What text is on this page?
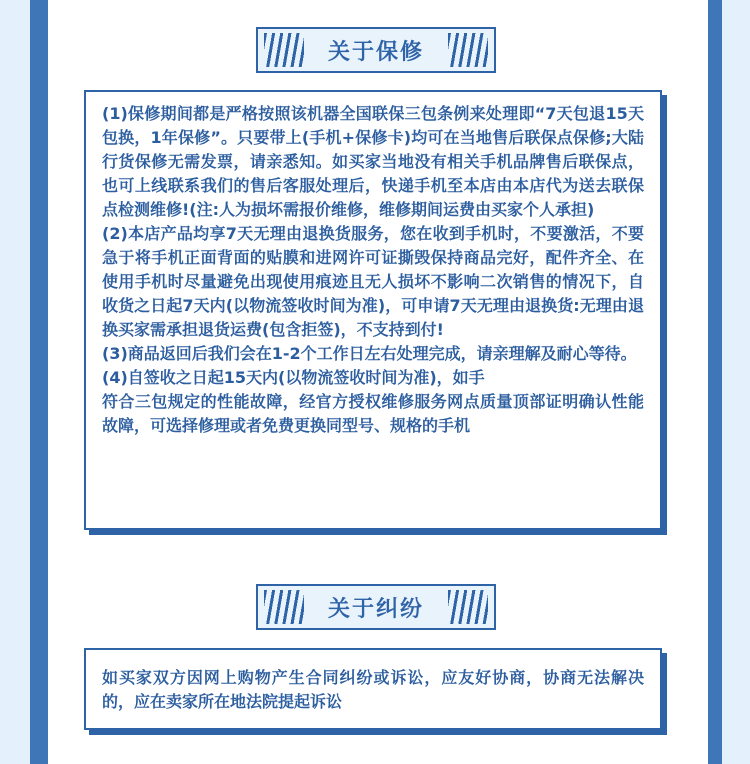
关于保修

(1)保修期间都是严格按照该机器全国联保三包条例来处理即“7天包退15天包换，1年保修”。只要带上(手机+保修卡)均可在当地售后联保点保修;大陆行货保修无需发票，请亲悉知。如买家当地没有相关手机品牌售后联保点，也可上线联系我们的售后客服处理后，快递手机至本店由本店代为送去联保点检测维修!(注:人为损坏需报价维修，维修期间运费由买家个人承担)

(2)本店产品均享7天无理由退换货服务，您在收到手机时，不要激活，不要急于将手机正面背面的贴膜和进网许可证撕毁保持商品完好，配件齐全、在使用手机时尽量避免出现使用痕迹且无人损坏不影响二次销售的情况下，自收货之日起7天内(以物流签收时间为准)，可申请7天无理由退换货:无理由退换买家需承担退货运费(包含拒签)，不支持到付!

(3)商品返回后我们会在1-2个工作日左右处理完成，请亲理解及耐心等待。

(4)自签收之日起15天内(以物流签收时间为准)，如手

符合三包规定的性能故障，经官方授权维修服务网点质量顶部证明确认性能故障，可选择修理或者免费更换同型号、规格的手机

关于纠纷

如买家双方因网上购物产生合同纠纷或诉讼，应友好协商，协商无法解决的，应在卖家所在地法院提起诉讼
